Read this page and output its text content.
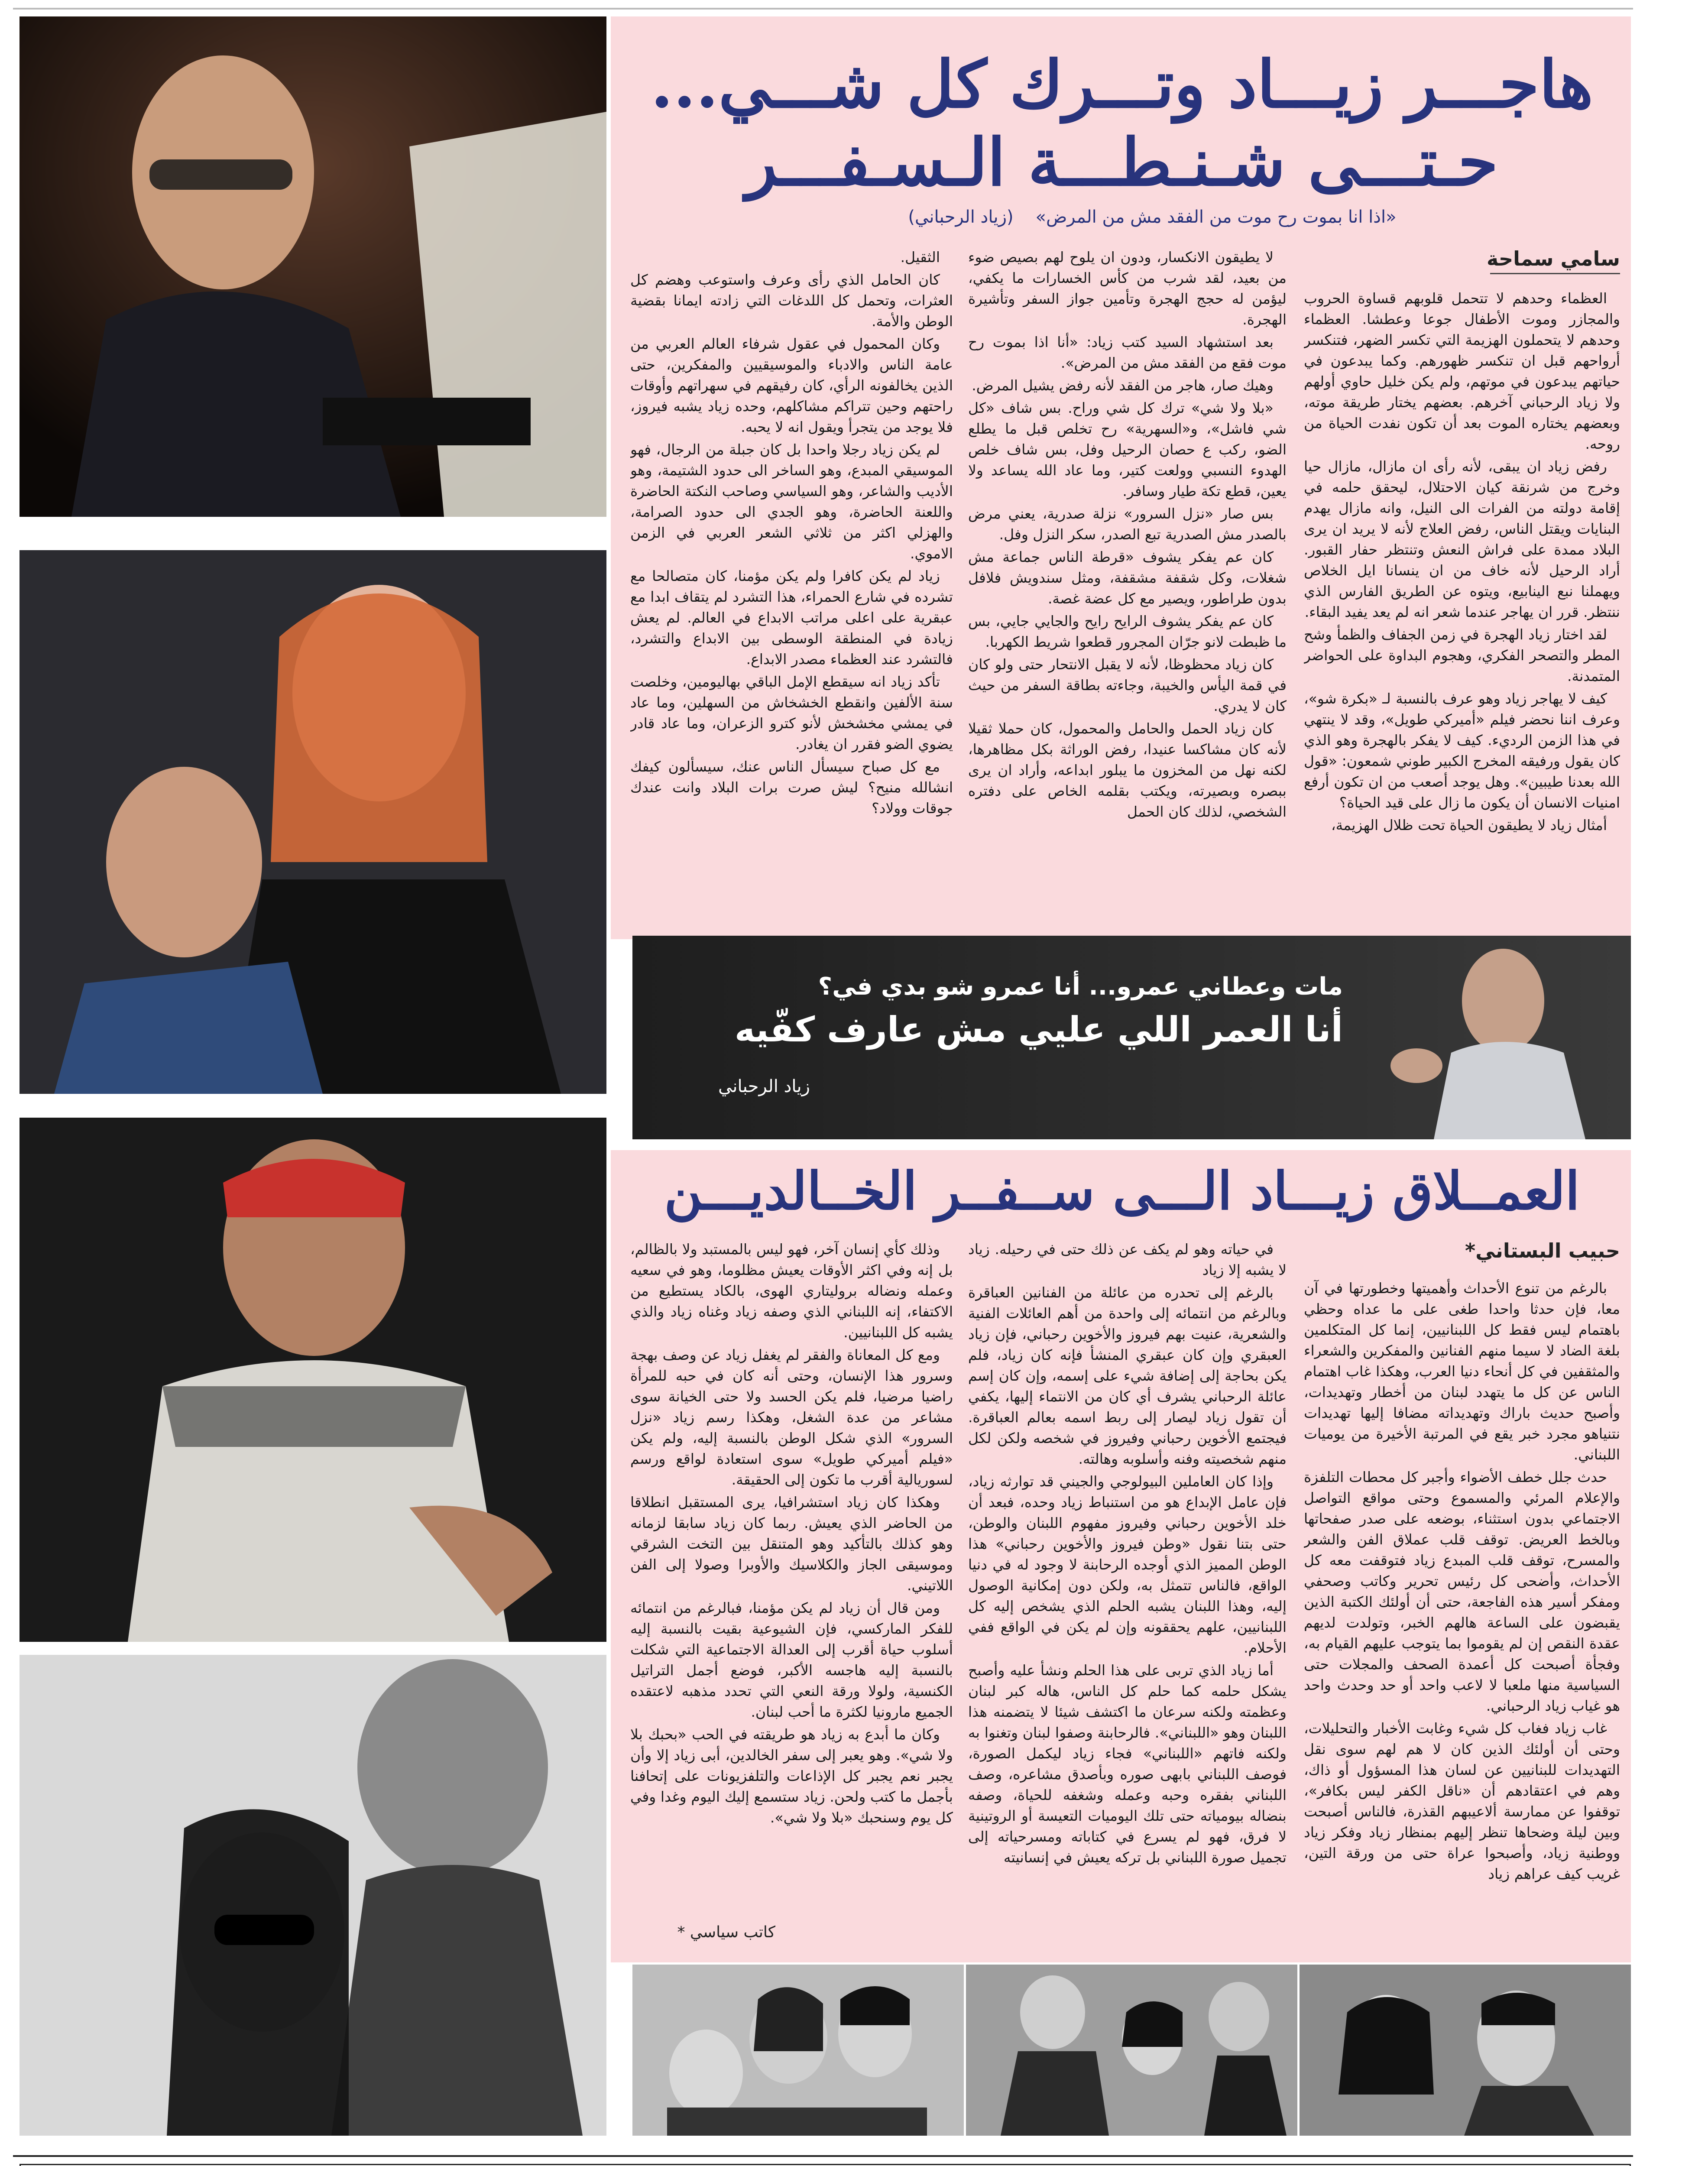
هاجـــر زيـــاد وتـــرك كل شـــي...
حـتـــى شـنـطـــة الـسـفـــر
«اذا انا بموت رح موت من الفقد مش من المرض»    (زياد الرحباني)
سامي سماحة

العظماء وحدهم لا تتحمل قلوبهم قساوة الحروب والمجازر وموت الأطفال جوعا وعطشا. العظماء وحدهم لا يتحملون الهزيمة التي تكسر الضهر، فتنكسر أرواحهم قبل ان تنكسر ظهورهم. وكما يبدعون في حياتهم يبدعون في موتهم، ولم يكن خليل حاوي أولهم ولا زياد الرحباني آخرهم. بعضهم يختار طريقة موته، وبعضهم يختاره الموت بعد أن تكون نفدت الحياة من روحه.

رفض زياد ان يبقى، لأنه رأى ان مازال، مازال حيا وخرج من شرنقة كيان الاحتلال، ليحقق حلمه في إقامة دولته من الفرات الى النيل، وانه مازال يهدم البنايات ويقتل الناس، رفض العلاج لأنه لا يريد ان يرى البلاد ممدة على فراش النعش وتنتظر حفار القبور. أراد الرحيل لأنه خاف من ان ينسانا ايل الخلاص ويهملنا نبع الينابيع، ويتوه عن الطريق الفارس الذي ننتظر. قرر ان يهاجر عندما شعر انه لم يعد يفيد البقاء.

لقد اختار زياد الهجرة في زمن الجفاف والظمأ وشح المطر والتصحر الفكري، وهجوم البداوة على الحواضر المتمدنة.

كيف لا يهاجر زياد وهو عرف بالنسبة لـ «بكرة شو»، وعرف اننا نحضر فيلم «أميركي طويل»، وقد لا ينتهي في هذا الزمن الرديء. كيف لا يفكر بالهجرة وهو الذي كان يقول ورفيقه المخرج الكبير طوني شمعون: «قول الله بعدنا طيبين». وهل يوجد أصعب من ان تكون أرفع امنيات الانسان أن يكون ما زال على قيد الحياة؟

أمثال زياد لا يطيقون الحياة تحت ظلال الهزيمة،

لا يطيقون الانكسار، ودون ان يلوح لهم بصيص ضوء من بعيد، لقد شرب من كأس الخسارات ما يكفي، ليؤمن له حجج الهجرة وتأمين جواز السفر وتأشيرة الهجرة.

بعد استشهاد السيد كتب زياد: «أنا اذا بموت رح موت فقع من الفقد مش من المرض».

وهيك صار، هاجر من الفقد لأنه رفض يشيل المرض.

«بلا ولا شي» ترك كل شي وراح. بس شاف «كل شي فاشل»، و«السهرية» رح تخلص قبل ما يطلع الضو، ركب ع حصان الرحيل وفل، بس شاف خلص الهدوء النسبي وولعت كتير، وما عاد الله يساعد ولا يعين، قطع تكة طيار وسافر.

بس صار «نزل السرور» نزلة صدرية، يعني مرض بالصدر مش الصدرية تبع الصدر، سكر النزل وفل.

كان عم يفكر يشوف «قرطة الناس جماعة مش شغلات، وكل شقفة مشقفة، ومثل سندويش فلافل بدون طراطور، ويصير مع كل عضة غصة.

كان عم يفكر يشوف الرايح رايح والجايي جايي، بس ما ظبطت لانو جرّان المجرور قطعوا شريط الكهربا.

كان زياد محظوظا، لأنه لا يقبل الانتحار حتى ولو كان في قمة اليأس والخيبة، وجاءته بطاقة السفر من حيث كان لا يدري.

كان زياد الحمل والحامل والمحمول، كان حملا ثقيلا لأنه كان مشاكسا عنيدا، رفض الوراثة بكل مظاهرها، لكنه نهل من المخزون ما يبلور ابداعه، وأراد ان يرى ببصره وبصيرته، ويكتب بقلمه الخاص على دفتره الشخصي، لذلك كان الحمل

الثقيل.

كان الحامل الذي رأى وعرف واستوعب وهضم كل العثرات، وتحمل كل اللدغات التي زادته ايمانا بقضية الوطن والأمة.

وكان المحمول في عقول شرفاء العالم العربي من عامة الناس والادباء والموسيقيين والمفكرين، حتى الذين يخالفونه الرأي، كان رفيقهم في سهراتهم وأوقات راحتهم وحين تتراكم مشاكلهم، وحده زياد يشبه فيروز، فلا يوجد من يتجرأ ويقول انه لا يحبه.

لم يكن زياد رجلا واحدا بل كان جبلة من الرجال، فهو الموسيقي المبدع، وهو الساخر الى حدود الشتيمة، وهو الأديب والشاعر، وهو السياسي وصاحب النكتة الحاضرة واللعنة الحاضرة، وهو الجدي الى حدود الصرامة، والهزلي اكثر من ثلاثي الشعر العربي في الزمن الاموي.

زياد لم يكن كافرا ولم يكن مؤمنا، كان متصالحا مع تشرده في شارع الحمراء، هذا التشرد لم يتقاف ابدا مع عبقرية على اعلى مراتب الابداع في العالم. لم يعش زيادة في المنطقة الوسطى بين الابداع والتشرد، فالتشرد عند العظماء مصدر الابداع.

تأكد زياد انه سيقطع الإمل الباقي بهاليومين، وخلصت سنة الألفين وانقطع الخشخاش من السهلين، وما عاد في يمشي مخشخش لأنو كترو الزعران، وما عاد قادر يضوي الضو فقرر ان يغادر.

مع كل صباح سيسأل الناس عنك، سيسألون كيفك انشالله منيح؟ ليش صرت برات البلاد وانت عندك جوقات وولاد؟

مات وعطاني عمرو... أنا عمرو شو بدي في؟
أنا العمر اللي عليي مش عارف كفّيه
زياد الرحباني
العمــلاق زيـــاد الـــى ســفــر الخــالديـــن
حبيب البستاني*

بالرغم من تنوع الأحداث وأهميتها وخطورتها في آن معا، فإن حدثا واحدا طغى على ما عداه وحظي باهتمام ليس فقط كل اللبنانيين، إنما كل المتكلمين بلغة الضاد لا سيما منهم الفنانين والمفكرين والشعراء والمثقفين في كل أنحاء دنيا العرب، وهكذا غاب اهتمام الناس عن كل ما يتهدد لبنان من أخطار وتهديدات، وأصبح حديث باراك وتهديداته مضافا إليها تهديدات نتنياهو مجرد خبر يقع في المرتبة الأخيرة من يوميات اللبناني.

حدث جلل خطف الأضواء وأجبر كل محطات التلفزة والإعلام المرئي والمسموع وحتى مواقع التواصل الاجتماعي بدون استثناء، بوضعه على صدر صفحاتها وبالخط العريض. توقف قلب عملاق الفن والشعر والمسرح، توقف قلب المبدع زياد فتوقفت معه كل الأحداث، وأضحى كل رئيس تحرير وكاتب وصحفي ومفكر أسير هذه الفاجعة، حتى أن أولئك الكتبة الذين يقبضون على الساعة هالهم الخبر، وتولدت لديهم عقدة النقص إن لم يقوموا بما يتوجب عليهم القيام به، وفجأة أصبحت كل أعمدة الصحف والمجلات حتى السياسية منها ملعبا لا لاعب واحد أو حد وحدث واحد هو غياب زياد الرحباني.

غاب زياد فغاب كل شيء وغابت الأخبار والتحليلات، وحتى أن أولئك الذين كان لا هم لهم سوى نقل التهديدات للبنانيين عن لسان هذا المسؤول أو ذاك، وهم في اعتقادهم أن «ناقل الكفر ليس بكافر»، توقفوا عن ممارسة ألاعيبهم القذرة، فالناس أصبحت وبين ليلة وضحاها تنظر إليهم بمنظار زياد وفكر زياد ووطنية زياد، وأصبحوا عراة حتى من ورقة التين، غريب كيف عراهم زياد

في حياته وهو لم يكف عن ذلك حتى في رحيله. زياد لا يشبه إلا زياد

بالرغم إلى تحدره من عائلة من الفنانين العباقرة وبالرغم من انتمائه إلى واحدة من أهم العائلات الفنية والشعرية، عنيت بهم فيروز والأخوين رحباني، فإن زياد العبقري وإن كان عبقري المنشأ فإنه كان زياد، فلم يكن بحاجة إلى إضافة شيء على إسمه، وإن كان إسم عائلة الرحباني يشرف أي كان من الانتماء إليها، يكفي أن تقول زياد ليصار إلى ربط اسمه بعالم العباقرة. فيجتمع الأخوين رحباني وفيروز في شخصه ولكن لكل منهم شخصيته وفنه وأسلوبه وهالته.

وإذا كان العاملين البيولوجي والجيني قد توارثه زياد، فإن عامل الإبداع هو من استنباط زياد وحده، فبعد أن خلد الأخوين رحباني وفيروز مفهوم اللبنان والوطن، حتى بتنا نقول «وطن فيروز والأخوين رحباني» هذا الوطن المميز الذي أوجده الرحابنة لا وجود له في دنيا الواقع، فالناس تتمثل به، ولكن دون إمكانية الوصول إليه، وهذا اللبنان يشبه الحلم الذي يشخص إليه كل اللبنانيين، علهم يحققونه وإن لم يكن في الواقع ففي الأحلام.

أما زياد الذي تربى على هذا الحلم ونشأ عليه وأصبح يشكل حلمه كما حلم كل الناس، هاله كبر لبنان وعظمته ولكنه سرعان ما اكتشف شيئا لا يتضمنه هذا اللبنان وهو «اللبناني». فالرحابنة وصفوا لبنان وتغنوا به ولكنه فاتهم «اللبناني» فجاء زياد ليكمل الصورة، فوصف اللبناني بابهى صوره وبأصدق مشاعره، وصف اللبناني بفقره وحبه وعمله وشغفه للحياة، وصفه بنضاله بيومياته حتى تلك اليوميات التعيسة أو الروتينية لا فرق، فهو لم يسرع في كتاباته ومسرحياته إلى تجميل صورة اللبناني بل تركه يعيش في إنسانيته

وذلك كأي إنسان آخر، فهو ليس بالمستبد ولا بالظالم، بل إنه وفي اكثر الأوقات يعيش مظلوما، وهو في سعيه وعمله ونضاله بروليتاري الهوى، بالكاد يستطيع من الاكتفاء، إنه اللبناني الذي وصفه زياد وغناه زياد والذي يشبه كل اللبنانيين.

ومع كل المعاناة والفقر لم يغفل زياد عن وصف بهجة وسرور هذا الإنسان، وحتى أنه كان في حبه للمرأة راضيا مرضيا، فلم يكن الحسد ولا حتى الخيانة سوى مشاعر من عدة الشغل، وهكذا رسم زياد «نزل السرور» الذي شكل الوطن بالنسبة إليه، ولم يكن «فيلم أميركي طويل» سوى استعادة لواقع ورسم لسوريالية أقرب ما تكون إلى الحقيقة.

وهكذا كان زياد استشرافيا، يرى المستقبل انطلاقا من الحاضر الذي يعيش. ربما كان زياد سابقا لزمانه وهو كذلك بالتأكيد وهو المتنقل بين التخت الشرقي وموسيقى الجاز والكلاسيك والأوبرا وصولا إلى الفن اللاتيني.

ومن قال أن زياد لم يكن مؤمنا، فبالرغم من انتمائه للفكر الماركسي، فإن الشيوعية بقيت بالنسبة إليه أسلوب حياة أقرب إلى العدالة الاجتماعية التي شكلت بالنسبة إليه هاجسه الأكبر، فوضع أجمل التراتيل الكنسية، ولولا ورقة النعي التي تحدد مذهبه لاعتقده الجميع مارونيا لكثرة ما أحب لبنان.

وكان ما أبدع به زياد هو طريقته في الحب «بحبك بلا ولا شي». وهو يعبر إلى سفر الخالدين، أبى زياد إلا وأن يجبر نعم يجبر كل الإذاعات والتلفزيونات على إتحافنا بأجمل ما كتب ولحن. زياد ستسمع إليك اليوم وغدا وفي كل يوم وسنحبك «بلا ولا شي».

كاتب سياسي *
